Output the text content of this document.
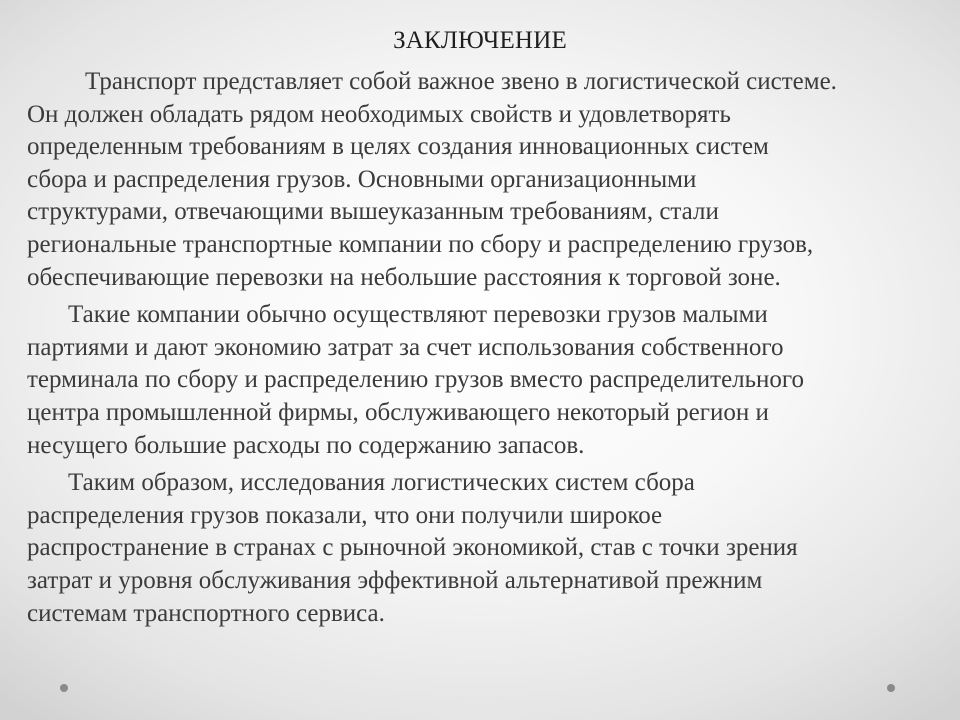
ЗАКЛЮЧЕНИЕ

Транспорт представляет собой важное звено в логистической системе.
Он должен обладать рядом необходимых свойств и удовлетворять
определенным требованиям в целях создания инновационных систем
сбора и распределения грузов. Основными организационными
структурами, отвечающими вышеуказанным требованиям, стали
региональные транспортные компании по сбору и распределению грузов,
обеспечивающие перевозки на небольшие расстояния к торговой зоне.

Такие компании обычно осуществляют перевозки грузов малыми
партиями и дают экономию затрат за счет использования собственного
терминала по сбору и распределению грузов вместо распределительного
центра промышленной фирмы, обслуживающего некоторый регион и
несущего большие расходы по содержанию запасов.

Таким образом, исследования логистических систем сбора
распределения грузов показали, что они получили широкое
распространение в странах с рыночной экономикой, став с точки зрения
затрат и уровня обслуживания эффективной альтернативой прежним
системам транспортного сервиса.
